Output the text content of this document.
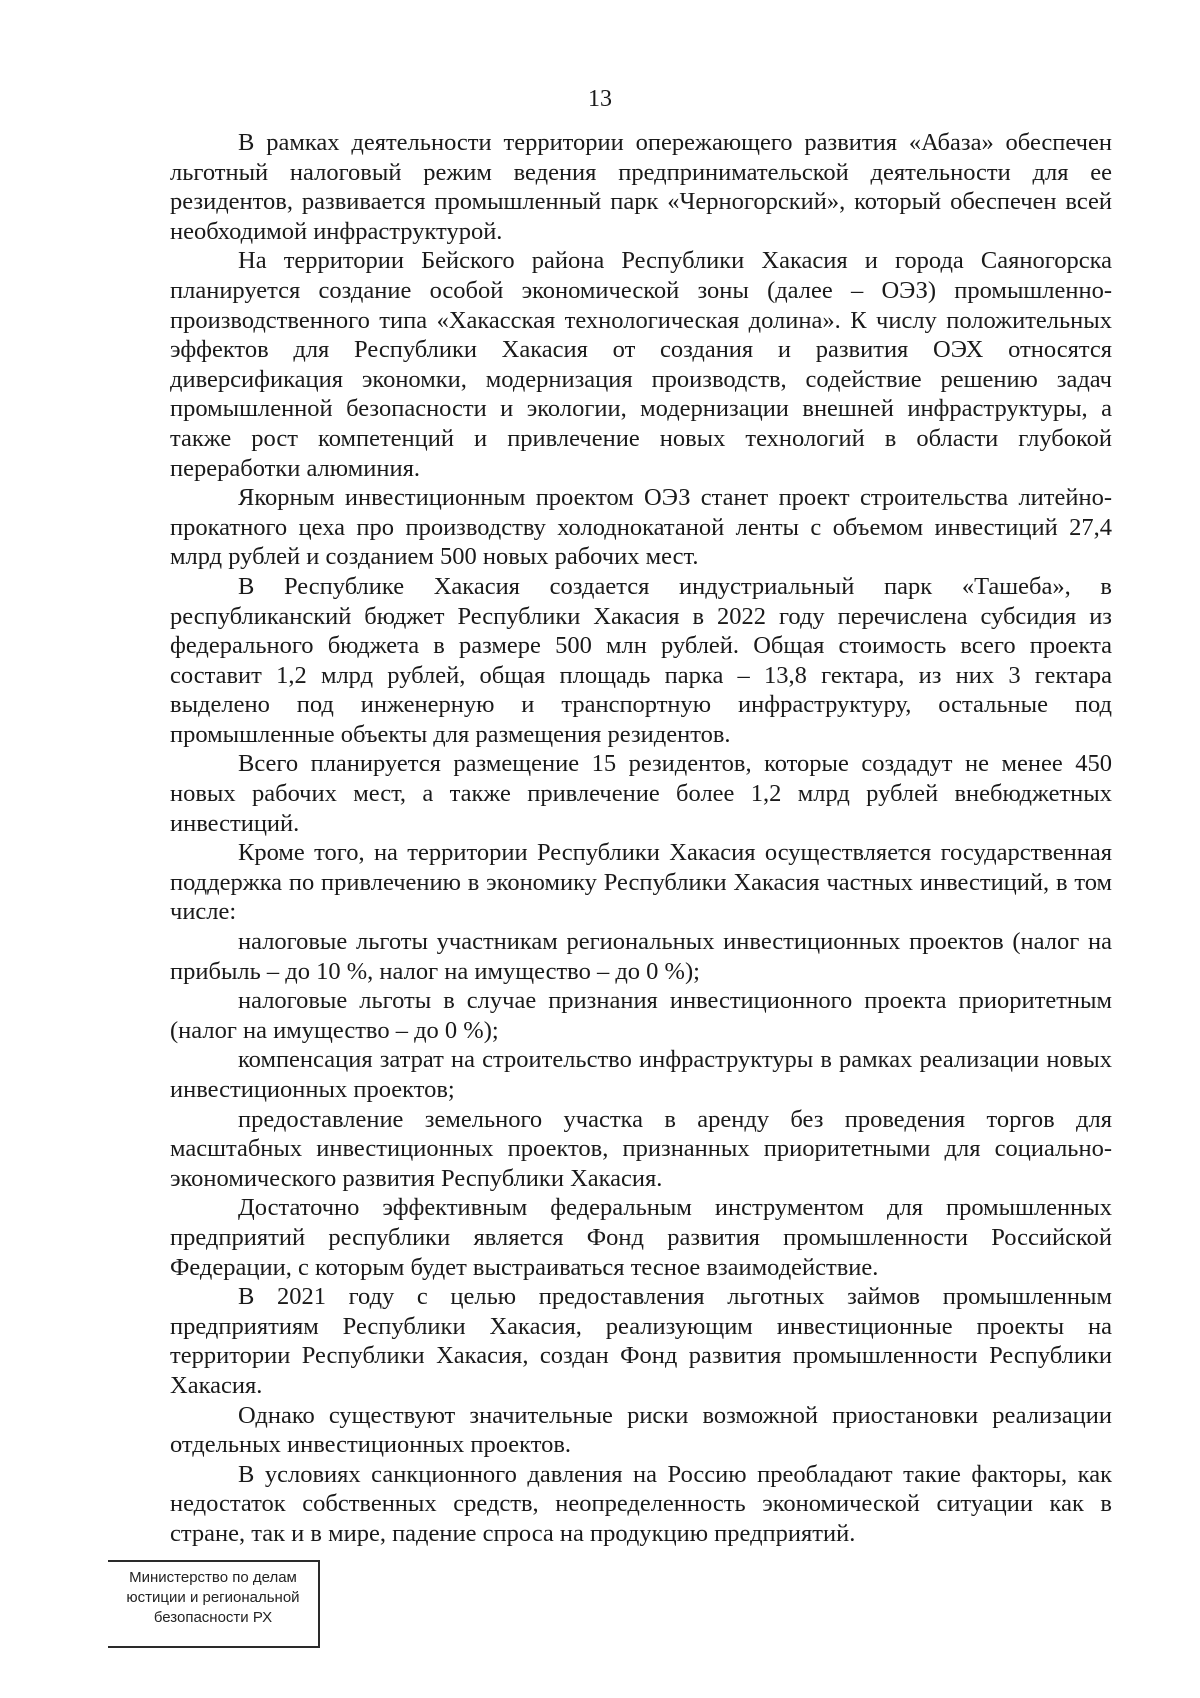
13

В рамках деятельности территории опережающего развития «Абаза» обеспечен льготный налоговый режим ведения предпринимательской деятельности для ее резидентов, развивается промышленный парк «Черногорский», который обеспечен всей необходимой инфраструктурой.

На территории Бейского района Республики Хакасия и города Саяногорска планируется создание особой экономической зоны (далее – ОЭЗ) промышленно-производственного типа «Хакасская технологическая долина». К числу положительных эффектов для Республики Хакасия от создания и развития ОЭХ относятся диверсификация экономки, модернизация производств, содействие решению задач промышленной безопасности и экологии, модернизации внешней инфраструктуры, а также рост компетенций и привлечение новых технологий в области глубокой переработки алюминия.

Якорным инвестиционным проектом ОЭЗ станет проект строительства литейно-прокатного цеха про производству холоднокатаной ленты с объемом инвестиций 27,4 млрд рублей и созданием 500 новых рабочих мест.

В Республике Хакасия создается индустриальный парк «Ташеба», в республиканский бюджет Республики Хакасия в 2022 году перечислена субсидия из федерального бюджета в размере 500 млн рублей. Общая стоимость всего проекта составит 1,2 млрд рублей, общая площадь парка – 13,8 гектара, из них 3 гектара выделено под инженерную и транспортную инфраструктуру, остальные под промышленные объекты для размещения резидентов.

Всего планируется размещение 15 резидентов, которые создадут не менее 450 новых рабочих мест, а также привлечение более 1,2 млрд рублей внебюджетных инвестиций.

Кроме того, на территории Республики Хакасия осуществляется государственная поддержка по привлечению в экономику Республики Хакасия частных инвестиций, в том числе:

налоговые льготы участникам региональных инвестиционных проектов (налог на прибыль – до 10 %, налог на имущество – до 0 %);

налоговые льготы в случае признания инвестиционного проекта приоритетным (налог на имущество – до 0 %);

компенсация затрат на строительство инфраструктуры в рамках реализации новых инвестиционных проектов;

предоставление земельного участка в аренду без проведения торгов для масштабных инвестиционных проектов, признанных приоритетными для социально-экономического развития Республики Хакасия.

Достаточно эффективным федеральным инструментом для промышленных предприятий республики является Фонд развития промышленности Российской Федерации, с которым будет выстраиваться тесное взаимодействие.

В 2021 году с целью предоставления льготных займов промышленным предприятиям Республики Хакасия, реализующим инвестиционные проекты на территории Республики Хакасия, создан Фонд развития промышленности Республики Хакасия.

Однако существуют значительные риски возможной приостановки реализации отдельных инвестиционных проектов.

В условиях санкционного давления на Россию преобладают такие факторы, как недостаток собственных средств, неопределенность экономической ситуации как в стране, так и в мире, падение спроса на продукцию предприятий.

Министерство по делам
юстиции и региональной
безопасности РХ
